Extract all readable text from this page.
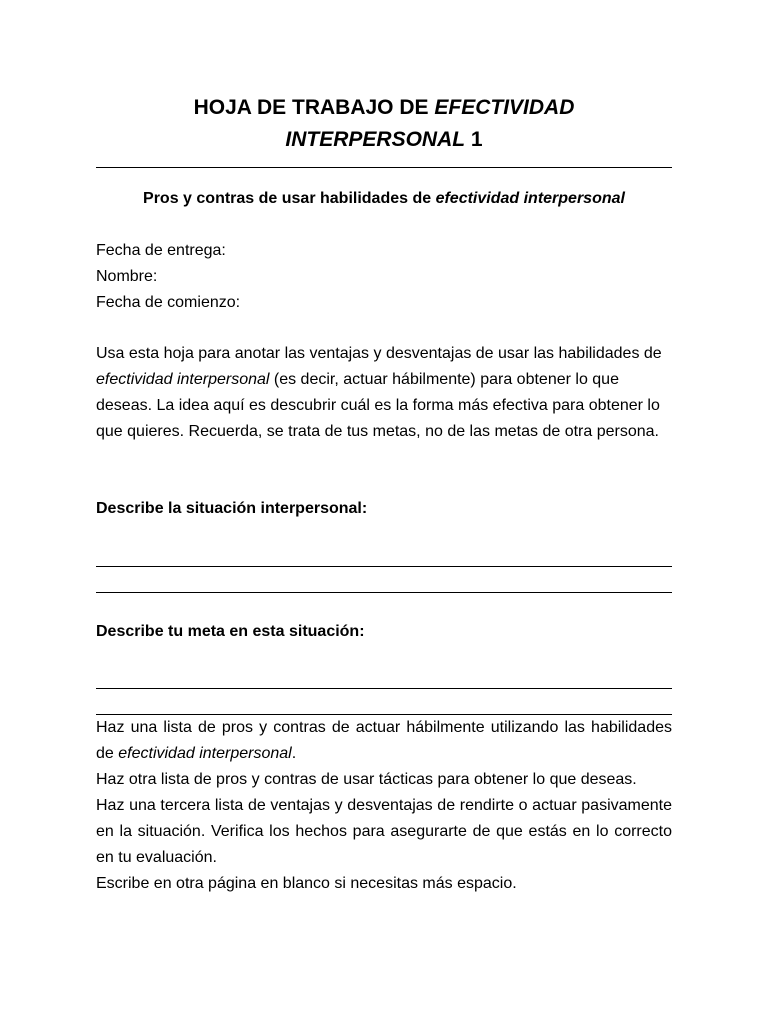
HOJA DE TRABAJO DE EFECTIVIDAD
INTERPERSONAL 1
Pros y contras de usar habilidades de efectividad interpersonal
Fecha de entrega:
Nombre:
Fecha de comienzo:
Usa esta hoja para anotar las ventajas y desventajas de usar las habilidades de efectividad interpersonal (es decir, actuar hábilmente) para obtener lo que deseas. La idea aquí es descubrir cuál es la forma más efectiva para obtener lo que quieres. Recuerda, se trata de tus metas, no de las metas de otra persona.
Describe la situación interpersonal:
Describe tu meta en esta situación:
Haz una lista de pros y contras de actuar hábilmente utilizando las habilidades de efectividad interpersonal.
Haz otra lista de pros y contras de usar tácticas para obtener lo que deseas.
Haz una tercera lista de ventajas y desventajas de rendirte o actuar pasivamente en la situación. Verifica los hechos para asegurarte de que estás en lo correcto en tu evaluación.
Escribe en otra página en blanco si necesitas más espacio.
